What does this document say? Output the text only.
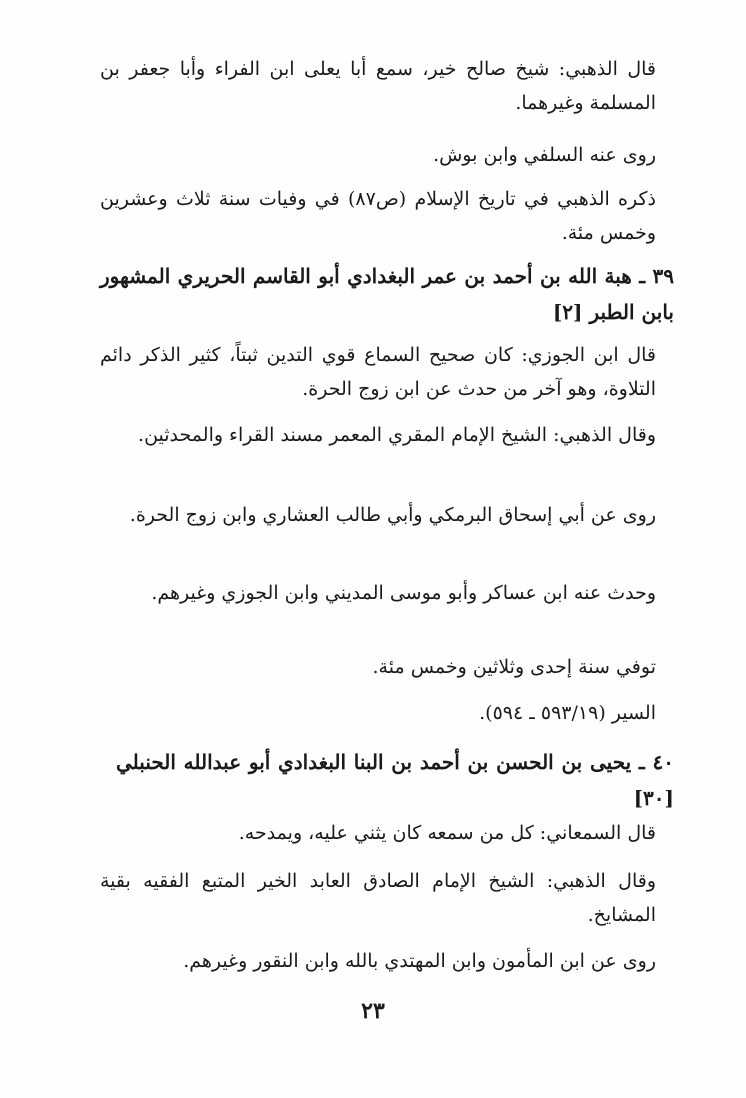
قال الذهبي: شيخ صالح خير، سمع أبا يعلى ابن الفراء وأبا جعفر بن المسلمة وغيرهما.

روى عنه السلفي وابن بوش.

ذكره الذهبي في تاريخ الإسلام (ص٨٧) في وفيات سنة ثلاث وعشرين وخمس مئة.

٣٩ ـ هبة الله بن أحمد بن عمر البغدادي أبو القاسم الحريري المشهور بابن الطبر [٢]

قال ابن الجوزي: كان صحيح السماع قوي التدين ثبتاً، كثير الذكر دائم التلاوة، وهو آخر من حدث عن ابن زوج الحرة.

وقال الذهبي: الشيخ الإمام المقري المعمر مسند القراء والمحدثين.

روى عن أبي إسحاق البرمكي وأبي طالب العشاري وابن زوج الحرة.

وحدث عنه ابن عساكر وأبو موسى المديني وابن الجوزي وغيرهم.

توفي سنة إحدى وثلاثين وخمس مئة.

السير (٥٩٣/١٩ ـ ٥٩٤).

٤٠ ـ يحيى بن الحسن بن أحمد بن البنا البغدادي أبو عبدالله الحنبلي [٣٠]

قال السمعاني: كل من سمعه كان يثني عليه، ويمدحه.

وقال الذهبي: الشيخ الإمام الصادق العابد الخير المتبع الفقيه بقية المشايخ.

روى عن ابن المأمون وابن المهتدي بالله وابن النقور وغيرهم.

٢٣
